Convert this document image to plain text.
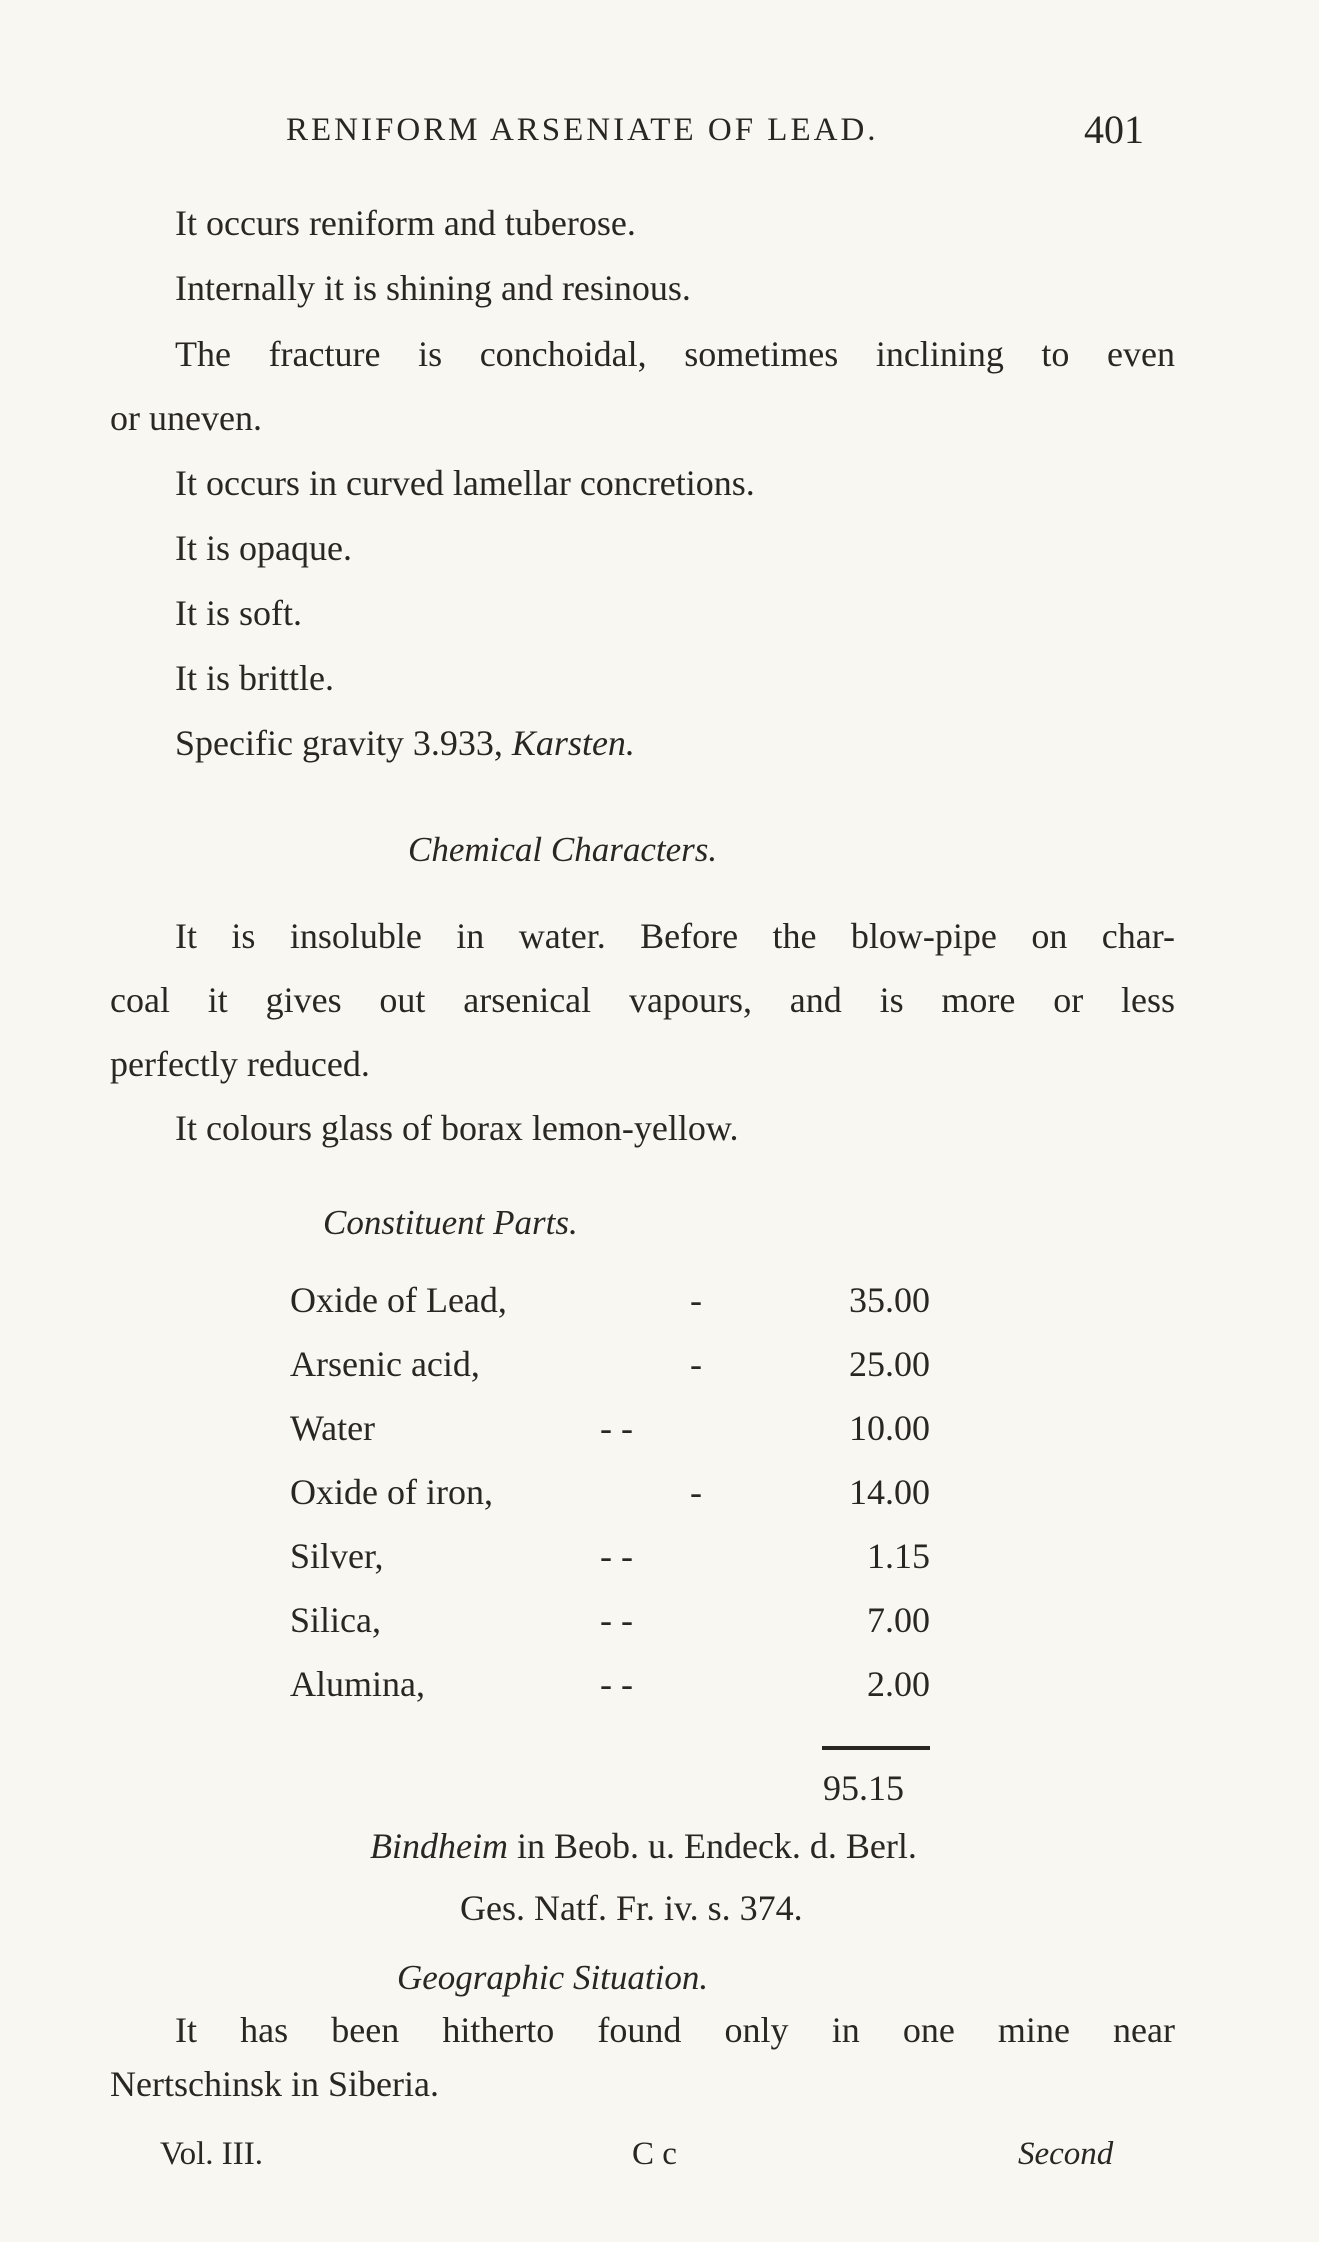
RENIFORM ARSENIATE OF LEAD.	401
It occurs reniform and tuberose.
Internally it is shining and resinous.
The fracture is conchoidal, sometimes inclining to even
or uneven.
It occurs in curved lamellar concretions.
It is opaque.
It is soft.
It is brittle.
Specific gravity 3.933, Karsten.
Chemical Characters.
It is insoluble in water. Before the blow-pipe on char-
coal it gives out arsenical vapours, and is more or less
perfectly reduced.
It colours glass of borax lemon-yellow.
Constituent Parts.
Oxide of Lead,	-	35.00
Arsenic acid,	-	25.00
Water	- -	10.00
Oxide of iron,	-	14.00
Silver,	- -	1.15
Silica,	- -	7.00
Alumina,	- -	2.00
95.15
Bindheim in Beob. u. Endeck. d. Berl.
Ges. Natf. Fr. iv. s. 374.
Geographic Situation.
It has been hitherto found only in one mine near
Nertschinsk in Siberia.
Vol. III.	C c	Second
